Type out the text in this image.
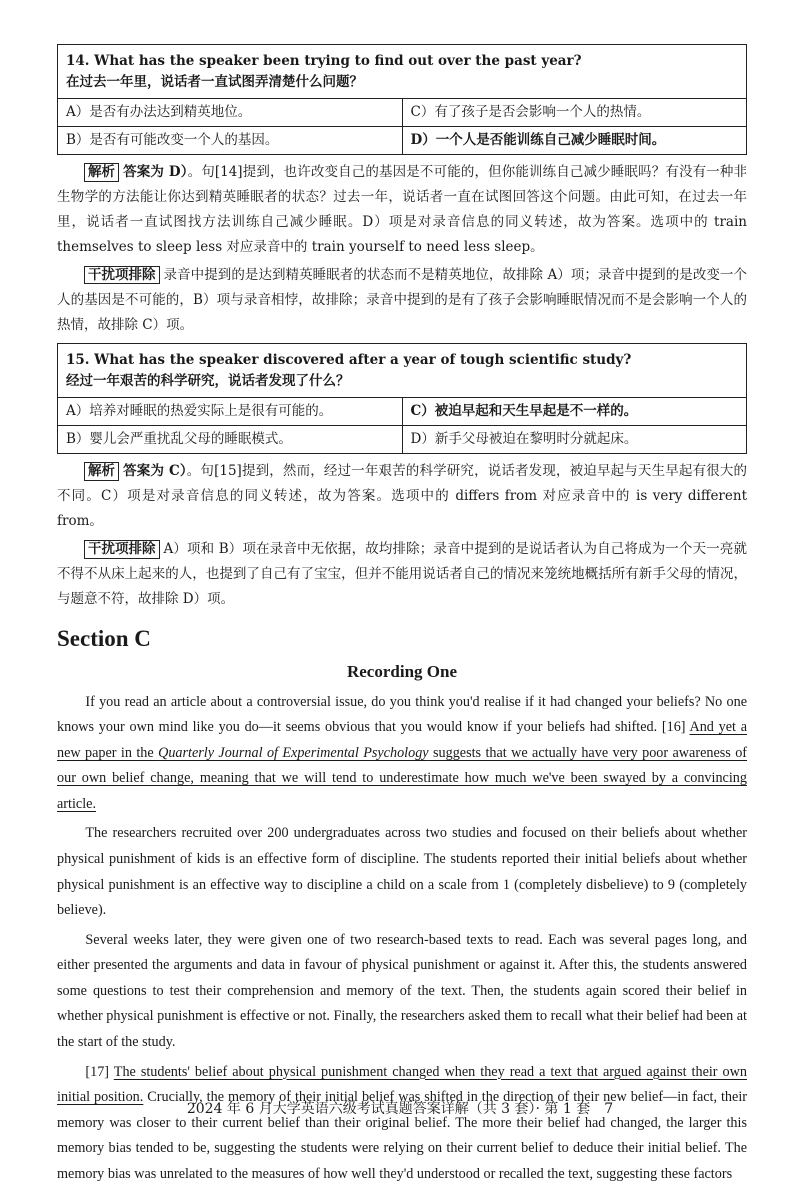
14. What has the speaker been trying to find out over the past year?
在过去一年里，说话者一直试图弄清楚什么问题？	

A）是否有办法达到精英地位。	C）有了孩子是否会影响一个人的热情。
B）是否有可能改变一个人的基因。	D）一个人是否能训练自己减少睡眠时间。

解析 答案为 D）。句[14]提到，也许改变自己的基因是不可能的，但你能训练自己减少睡眠吗？有没有一种非生物学的方法能让你达到精英睡眠者的状态？过去一年，说话者一直在试图回答这个问题。由此可知，在过去一年里，说话者一直试图找方法训练自己减少睡眠。D）项是对录音信息的同义转述，故为答案。选项中的 train themselves to sleep less 对应录音中的 train yourself to need less sleep。

干扰项排除 录音中提到的是达到精英睡眠者的状态而不是精英地位，故排除 A）项；录音中提到的是改变一个人的基因是不可能的，B）项与录音相悖，故排除；录音中提到的是有了孩子会影响睡眠情况而不是会影响一个人的热情，故排除 C）项。

15. What has the speaker discovered after a year of tough scientific study?
经过一年艰苦的科学研究，说话者发现了什么？	

A）培养对睡眠的热爱实际上是很有可能的。	C）被迫早起和天生早起是不一样的。
B）婴儿会严重扰乱父母的睡眠模式。	D）新手父母被迫在黎明时分就起床。

解析 答案为 C）。句[15]提到，然而，经过一年艰苦的科学研究，说话者发现，被迫早起与天生早起有很大的不同。C）项是对录音信息的同义转述，故为答案。选项中的 differs from 对应录音中的 is very different from。

干扰项排除 A）项和 B）项在录音中无依据，故均排除；录音中提到的是说话者认为自己将成为一个天一亮就不得不从床上起来的人，也提到了自己有了宝宝，但并不能用说话者自己的情况来笼统地概括所有新手父母的情况，与题意不符，故排除 D）项。

Section C
Recording One

If you read an article about a controversial issue, do you think you'd realise if it had changed your beliefs? No one knows your own mind like you do—it seems obvious that you would know if your beliefs had shifted. [16] And yet a new paper in the Quarterly Journal of Experimental Psychology suggests that we actually have very poor awareness of our own belief change, meaning that we will tend to underestimate how much we've been swayed by a convincing article.

The researchers recruited over 200 undergraduates across two studies and focused on their beliefs about whether physical punishment of kids is an effective form of discipline. The students reported their initial beliefs about whether physical punishment is an effective way to discipline a child on a scale from 1 (completely disbelieve) to 9 (completely believe).

Several weeks later, they were given one of two research-based texts to read. Each was several pages long, and either presented the arguments and data in favour of physical punishment or against it. After this, the students answered some questions to test their comprehension and memory of the text. Then, the students again scored their belief in whether physical punishment is effective or not. Finally, the researchers asked them to recall what their belief had been at the start of the study.

[17] The students' belief about physical punishment changed when they read a text that argued against their own initial position. Crucially, the memory of their initial belief was shifted in the direction of their new belief—in fact, their memory was closer to their current belief than their original belief. The more their belief had changed, the larger this memory bias tended to be, suggesting the students were relying on their current belief to deduce their initial belief. The memory bias was unrelated to the measures of how well they'd understood or recalled the text, suggesting these factors

2024 年 6 月大学英语六级考试真题答案详解（共 3 套）· 第 1 套　7
